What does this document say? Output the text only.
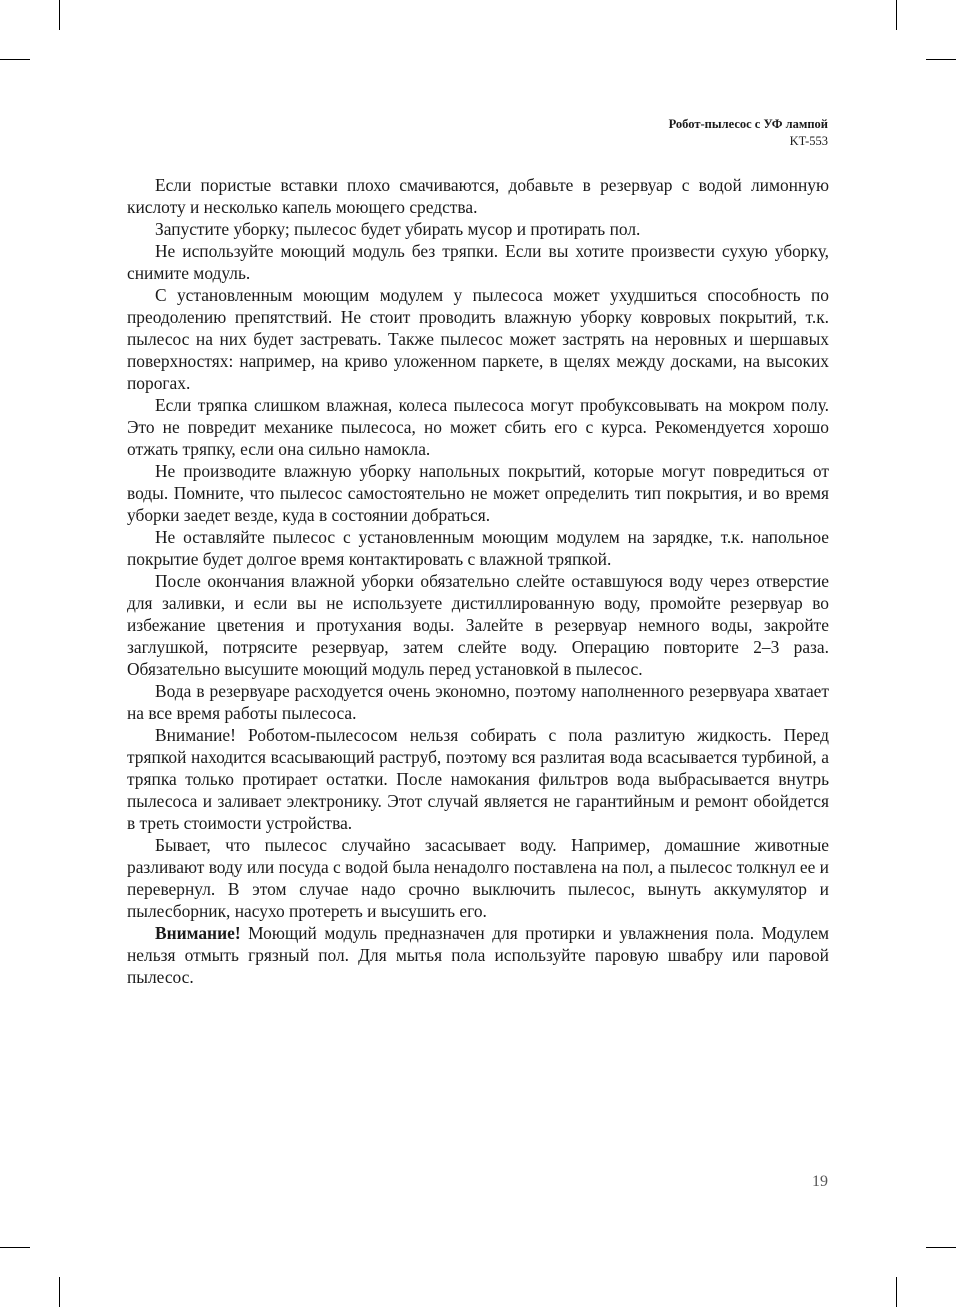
Робот-пылесос с УФ лампой
KT-553

Если пористые вставки плохо смачиваются, добавьте в резервуар с водой лимонную кислоту и несколько капель моющего средства.

Запустите уборку; пылесос будет убирать мусор и протирать пол.

Не используйте моющий модуль без тряпки. Если вы хотите произвести сухую уборку, снимите модуль.

С установленным моющим модулем у пылесоса может ухудшиться способность по преодолению препятствий. Не стоит проводить влажную уборку ковровых покрытий, т.к. пылесос на них будет застревать. Также пылесос может застрять на неровных и шершавых поверхностях: например, на криво уложенном паркете, в щелях между досками, на высоких порогах.

Если тряпка слишком влажная, колеса пылесоса могут пробуксовывать на мокром полу. Это не повредит механике пылесоса, но может сбить его с курса. Рекомендуется хорошо отжать тряпку, если она сильно намокла.

Не производите влажную уборку напольных покрытий, которые могут повредиться от воды. Помните, что пылесос самостоятельно не может определить тип покрытия, и во время уборки заедет везде, куда в состоянии добраться.

Не оставляйте пылесос с установленным моющим модулем на зарядке, т.к. напольное покрытие будет долгое время контактировать с влажной тряпкой.

После окончания влажной уборки обязательно слейте оставшуюся воду через отверстие для заливки, и если вы не используете дистиллированную воду, промойте резервуар во избежание цветения и протухания воды. Залейте в резервуар немного воды, закройте заглушкой, потрясите резервуар, затем слейте воду. Операцию повторите 2–3 раза. Обязательно высушите моющий модуль перед установкой в пылесос.

Вода в резервуаре расходуется очень экономно, поэтому наполненного резервуара хватает на все время работы пылесоса.

Внимание! Роботом-пылесосом нельзя собирать с пола разлитую жидкость. Перед тряпкой находится всасывающий раструб, поэтому вся разлитая вода всасывается турбиной, а тряпка только протирает остатки. После намокания фильтров вода выбрасывается внутрь пылесоса и заливает электронику. Этот случай является не гарантийным и ремонт обойдется в треть стоимости устройства.

Бывает, что пылесос случайно засасывает воду. Например, домашние животные разливают воду или посуда с водой была ненадолго поставлена на пол, а пылесос толкнул ее и перевернул. В этом случае надо срочно выключить пылесос, вынуть аккумулятор и пылесборник, насухо протереть и высушить его.

Внимание! Моющий модуль предназначен для протирки и увлажнения пола. Модулем нельзя отмыть грязный пол. Для мытья пола используйте паровую швабру или паровой пылесос.

19
